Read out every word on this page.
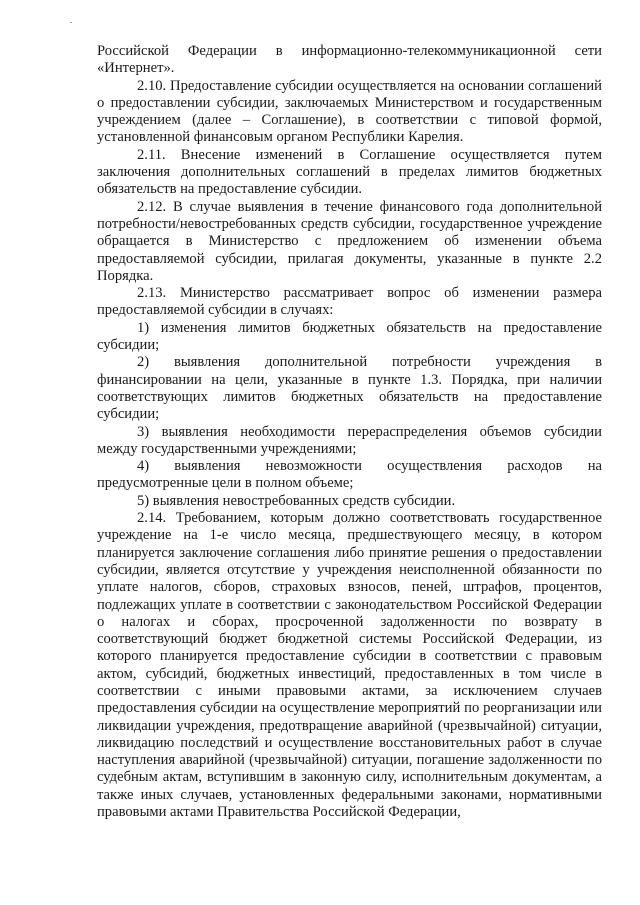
Российской Федерации в информационно-телекоммуникационной сети «Интернет».

2.10. Предоставление субсидии осуществляется на основании соглашений о предоставлении субсидии, заключаемых Министерством и государственным учреждением (далее – Соглашение), в соответствии с типовой формой, установленной финансовым органом Республики Карелия.

2.11. Внесение изменений в Соглашение осуществляется путем заключения дополнительных соглашений в пределах лимитов бюджетных обязательств на предоставление субсидии.

2.12. В случае выявления в течение финансового года дополнительной потребности/невостребованных средств субсидии, государственное учреждение обращается в Министерство с предложением об изменении объема предоставляемой субсидии, прилагая документы, указанные в пункте 2.2 Порядка.

2.13. Министерство рассматривает вопрос об изменении размера предоставляемой субсидии в случаях:

1) изменения лимитов бюджетных обязательств на предоставление субсидии;

2) выявления дополнительной потребности учреждения в финансировании на цели, указанные в пункте 1.3. Порядка, при наличии соответствующих лимитов бюджетных обязательств на предоставление субсидии;

3) выявления необходимости перераспределения объемов субсидии между государственными учреждениями;

4) выявления невозможности осуществления расходов на предусмотренные цели в полном объеме;

5) выявления невостребованных средств субсидии.

2.14. Требованием, которым должно соответствовать государственное учреждение на 1-е число месяца, предшествующего месяцу, в котором планируется заключение соглашения либо принятие решения о предоставлении субсидии, является отсутствие у учреждения неисполненной обязанности по уплате налогов, сборов, страховых взносов, пеней, штрафов, процентов, подлежащих уплате в соответствии с законодательством Российской Федерации о налогах и сборах, просроченной задолженности по возврату в соответствующий бюджет бюджетной системы Российской Федерации, из которого планируется предоставление субсидии в соответствии с правовым актом, субсидий, бюджетных инвестиций, предоставленных в том числе в соответствии с иными правовыми актами, за исключением случаев предоставления субсидии на осуществление мероприятий по реорганизации или ликвидации учреждения, предотвращение аварийной (чрезвычайной) ситуации, ликвидацию последствий и осуществление восстановительных работ в случае наступления аварийной (чрезвычайной) ситуации, погашение задолженности по судебным актам, вступившим в законную силу, исполнительным документам, а также иных случаев, установленных федеральными законами, нормативными правовыми актами Правительства Российской Федерации,
